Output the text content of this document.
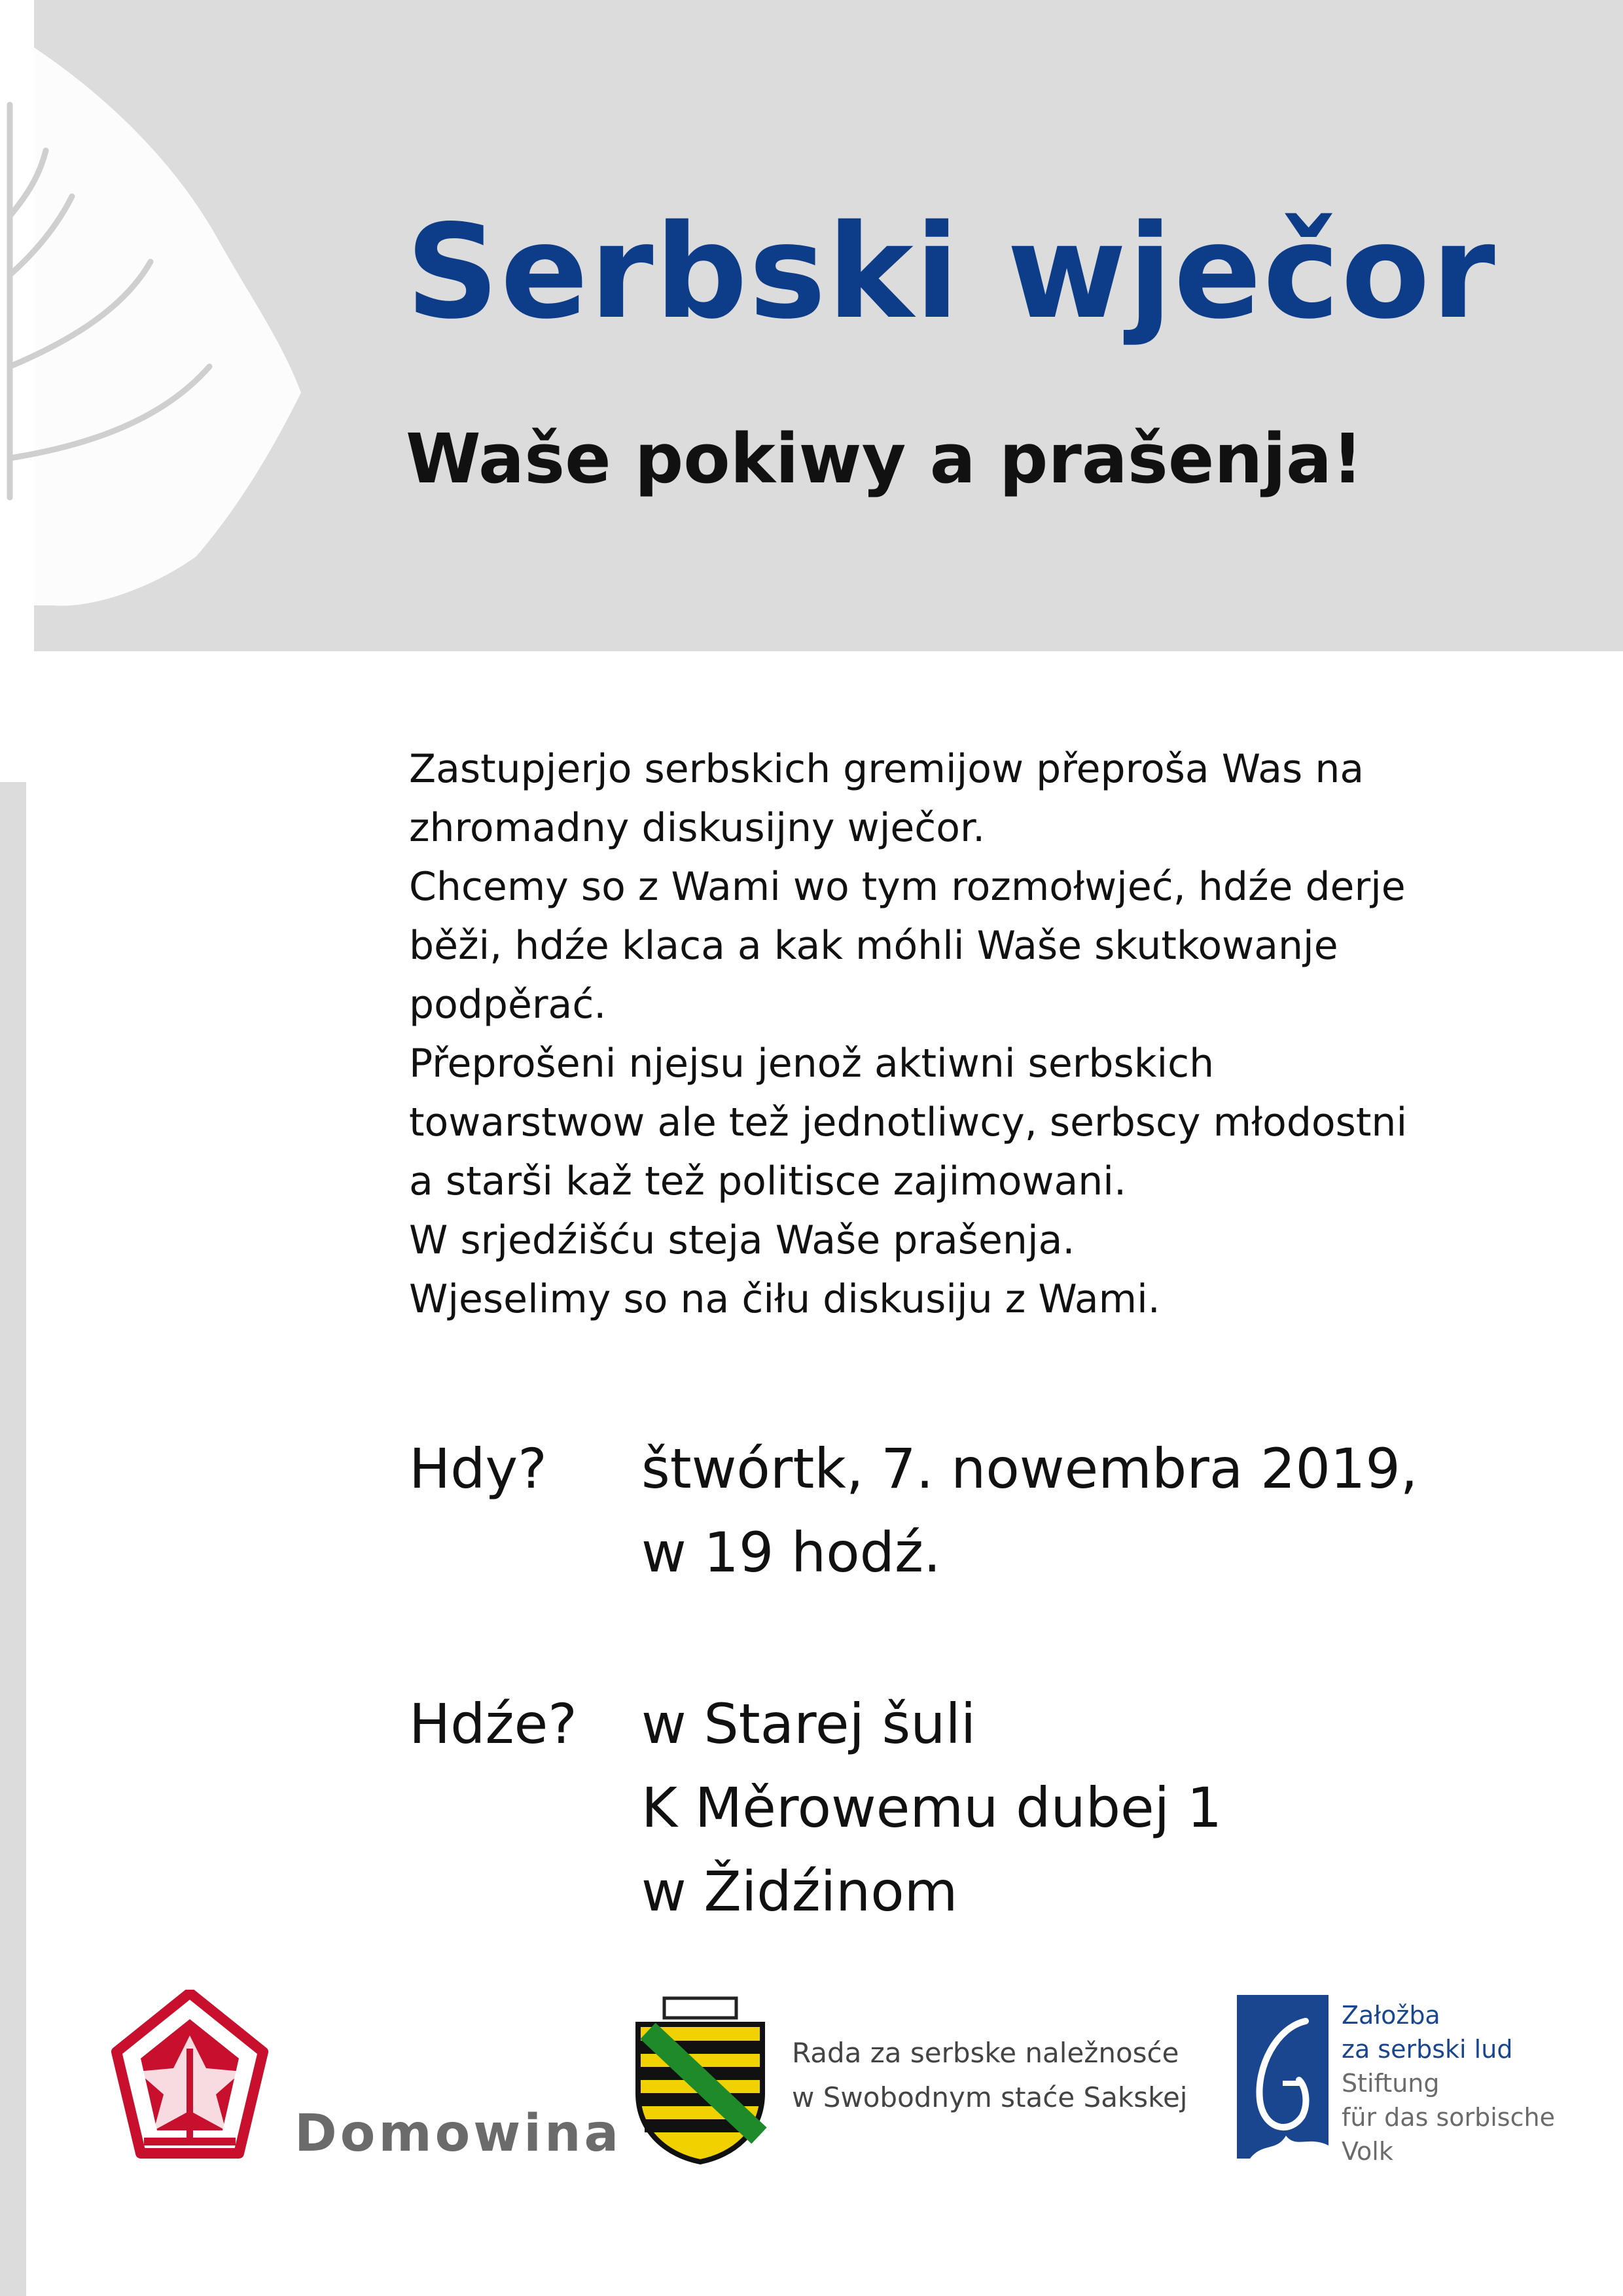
Serbski wječor
Waše pokiwy a prašenja!

Zastupjerjo serbskich gremijow přeproša Was na

zhromadny diskusijny wječor.

Chcemy so z Wami wo tym rozmołwjeć, hdźe derje

běži, hdźe klaca a kak móhli Waše skutkowanje

podpěrać.

Přeprošeni njejsu jenož aktiwni serbskich

towarstwow ale tež jednotliwcy, serbscy młodostni

a starši kaž tež politisce zajimowani.

W srjedźišću steja Waše prašenja.

Wjeselimy so na čiłu diskusiju z Wami.

Hdy? štwórtk, 7. nowembra 2019,
w 19 hodź.
Hdźe? w Starej šuli
K Měrowemu dubej 1
w Židźinom
Domowina
Rada za serbske naležnosće
w Swobodnym staće Sakskej
Załožba
za serbski lud
Stiftung
für das sorbische
Volk
